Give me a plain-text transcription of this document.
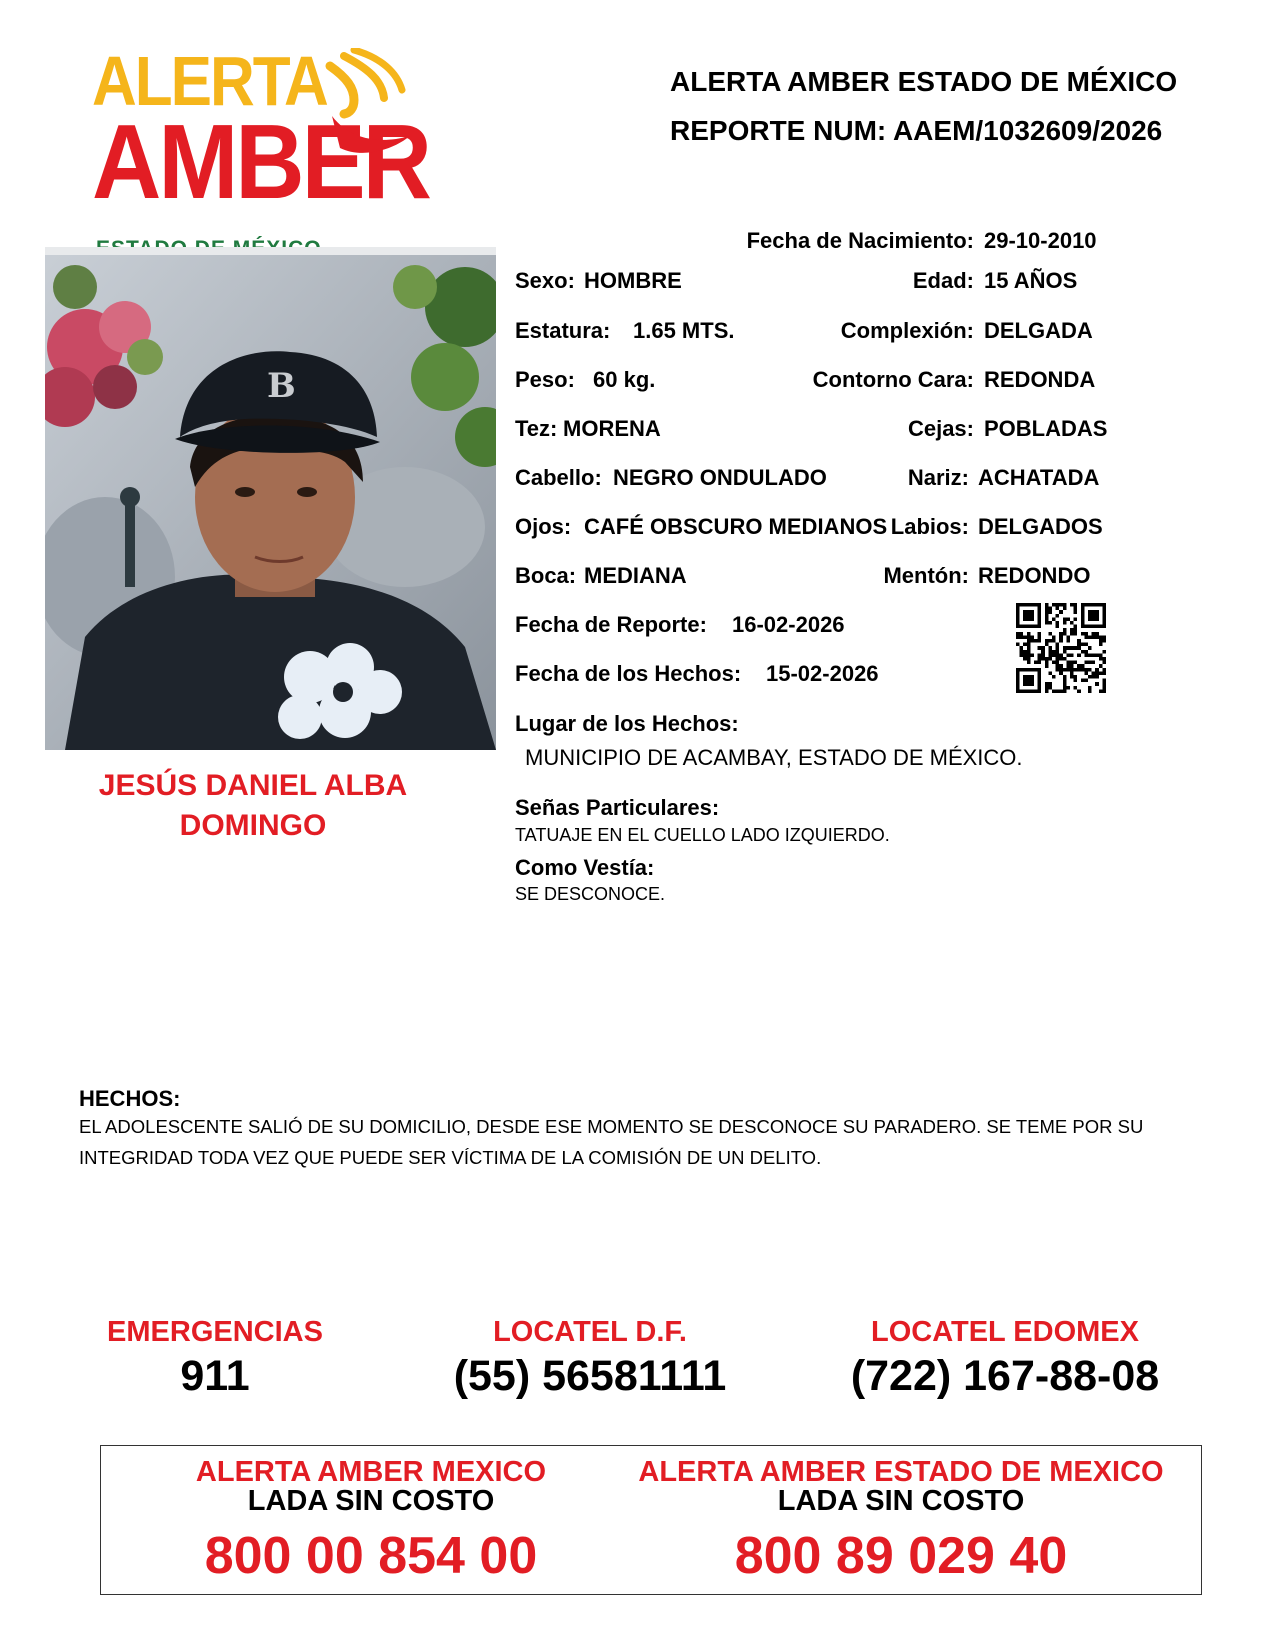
ALERTA
AMBER
ALERTA AMBER ESTADO DE MÉXICO
REPORTE NUM: AAEM/1032609/2026
B
JESÚS DANIEL ALBA
DOMINGO
Fecha de Nacimiento: 29-10-2010
Sexo: HOMBRE	Edad: 15 AÑOS
Estatura: 1.65 MTS.	Complexión: DELGADA
Peso: 60 kg.	Contorno Cara: REDONDA
Tez: MORENA	Cejas: POBLADAS
Cabello: NEGRO ONDULADO	Nariz: ACHATADA
Ojos: CAFÉ OBSCURO MEDIANOS Labios: DELGADOS
Boca: MEDIANA	Mentón: REDONDO
Fecha de Reporte: 16-02-2026
Fecha de los Hechos: 15-02-2026
Lugar de los Hechos:
MUNICIPIO DE ACAMBAY, ESTADO DE MÉXICO.
Señas Particulares:
TATUAJE EN EL CUELLO LADO IZQUIERDO.
Como Vestía:
SE DESCONOCE.
HECHOS:
EL ADOLESCENTE SALIÓ DE SU DOMICILIO, DESDE ESE MOMENTO SE DESCONOCE SU PARADERO. SE TEME POR SU INTEGRIDAD TODA VEZ QUE PUEDE SER VÍCTIMA DE LA COMISIÓN DE UN DELITO.
EMERGENCIAS
911
LOCATEL D.F.
(55) 56581111
LOCATEL EDOMEX
(722) 167-88-08
ALERTA AMBER MEXICO
LADA SIN COSTO
800 00 854 00
ALERTA AMBER ESTADO DE MEXICO
LADA SIN COSTO
800 89 029 40
